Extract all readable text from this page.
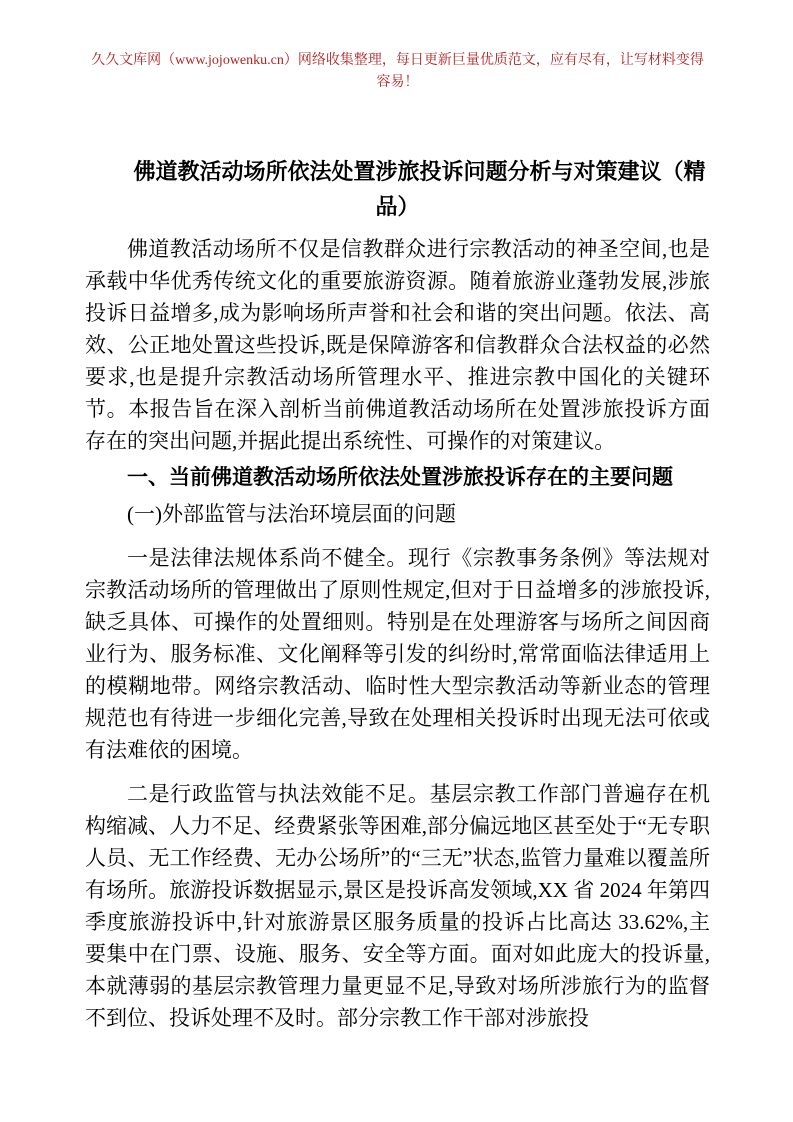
久久文库网（www.jojowenku.cn）网络收集整理，每日更新巨量优质范文，应有尽有，让写材料变得容易！
佛道教活动场所依法处置涉旅投诉问题分析与对策建议（精品）

佛道教活动场所不仅是信教群众进行宗教活动的神圣空间,也是承载中华优秀传统文化的重要旅游资源。随着旅游业蓬勃发展,涉旅投诉日益增多,成为影响场所声誉和社会和谐的突出问题。依法、高效、公正地处置这些投诉,既是保障游客和信教群众合法权益的必然要求,也是提升宗教活动场所管理水平、推进宗教中国化的关键环节。本报告旨在深入剖析当前佛道教活动场所在处置涉旅投诉方面存在的突出问题,并据此提出系统性、可操作的对策建议。

一、当前佛道教活动场所依法处置涉旅投诉存在的主要问题
(一)外部监管与法治环境层面的问题

一是法律法规体系尚不健全。现行《宗教事务条例》等法规对宗教活动场所的管理做出了原则性规定,但对于日益增多的涉旅投诉,缺乏具体、可操作的处置细则。特别是在处理游客与场所之间因商业行为、服务标准、文化阐释等引发的纠纷时,常常面临法律适用上的模糊地带。网络宗教活动、临时性大型宗教活动等新业态的管理规范也有待进一步细化完善,导致在处理相关投诉时出现无法可依或有法难依的困境。

二是行政监管与执法效能不足。基层宗教工作部门普遍存在机构缩减、人力不足、经费紧张等困难,部分偏远地区甚至处于“无专职人员、无工作经费、无办公场所”的“三无”状态,监管力量难以覆盖所有场所。旅游投诉数据显示,景区是投诉高发领域,XX 省 2024 年第四季度旅游投诉中,针对旅游景区服务质量的投诉占比高达 33.62%,主要集中在门票、设施、服务、安全等方面。面对如此庞大的投诉量,本就薄弱的基层宗教管理力量更显不足,导致对场所涉旅行为的监督不到位、投诉处理不及时。部分宗教工作干部对涉旅投
